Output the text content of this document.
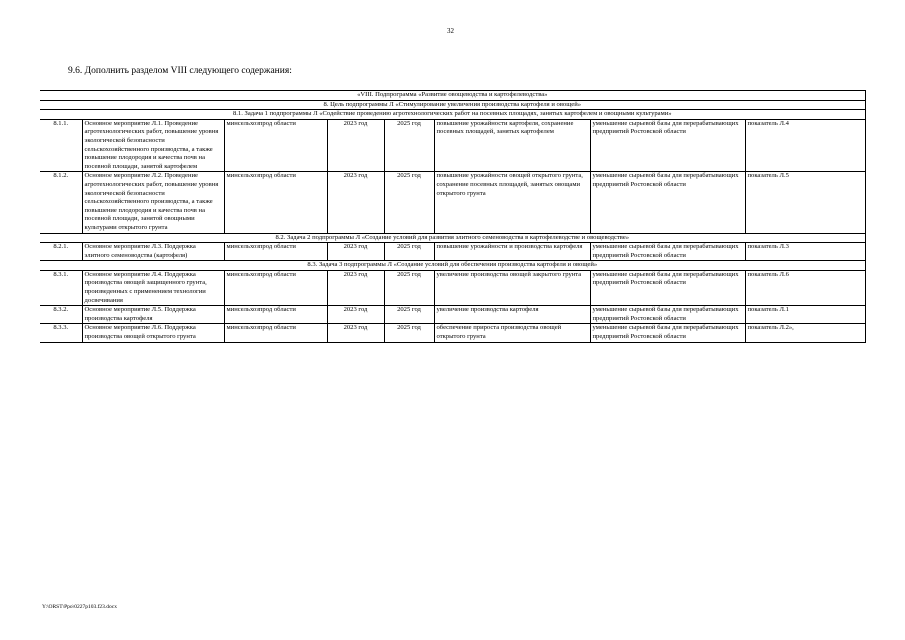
32
9.6. Дополнить разделом VIII следующего содержания:
«VIII. Подпрограмма «Развитие овощеводства и картофелеводства»							
8. Цель подпрограммы Л «Стимулирование увеличения производства картофеля и овощей»							
8.1. Задача 1 подпрограммы Л «Содействие проведению агротехнологических работ на посевных площадях, занятых картофелем и овощными культурами»							
8.1.1.	Основное мероприятие Л.1. Проведение агротехнологических работ, повышение уровня экологической безопасности сельскохозяйственного производства, а также повышение плодородия и качества почв на посевной площади, занятой картофелем	минсельхозпрод области	2023 год	2025 год	повышение урожайности картофеля, сохранение посевных площадей, занятых картофелем	уменьшение сырьевой базы для перерабатывающих предприятий Ростовской области	показатель Л.4
8.1.2.	Основное мероприятие Л.2. Проведение агротехнологических работ, повышение уровня экологической безопасности сельскохозяйственного производства, а также повышение плодородия и качества почв на посевной площади, занятой овощными культурами открытого грунта	минсельхозпрод области	2023 год	2025 год	повышение урожайности овощей открытого грунта, сохранение посевных площадей, занятых овощами открытого грунта	уменьшение сырьевой базы для перерабатывающих предприятий Ростовской области	показатель Л.5
8.2. Задача 2 подпрограммы Л «Создание условий для развития элитного семеноводства в картофелеводстве и овощеводстве»							
8.2.1.	Основное мероприятие Л.3. Поддержка элитного семеноводства (картофеля)	минсельхозпрод области	2023 год	2025 год	повышение урожайности и производства картофеля	уменьшение сырьевой базы для перерабатывающих предприятий Ростовской области	показатель Л.3
8.3. Задача 3 подпрограммы Л «Создание условий для обеспечения производства картофеля и овощей»							
8.3.1.	Основное мероприятие Л.4. Поддержка производства овощей защищенного грунта, произведенных с применением технологии досвечивания	минсельхозпрод области	2023 год	2025 год	увеличение производства овощей закрытого грунта	уменьшение сырьевой базы для перерабатывающих предприятий Ростовской области	показатель Л.6
8.3.2.	Основное мероприятие Л.5. Поддержка производства картофеля	минсельхозпрод области	2023 год	2025 год	увеличение производства картофеля	уменьшение сырьевой базы для перерабатывающих предприятий Ростовской области	показатель Л.1
8.3.3.	Основное мероприятие Л.6. Поддержка производства овощей открытого грунта	минсельхозпрод области	2023 год	2025 год	обеспечение прироста производства овощей открытого грунта	уменьшение сырьевой базы для перерабатывающих предприятий Ростовской области	показатель Л.2»,
Y:\ORST\Ppo\0227p103.f23.docx
